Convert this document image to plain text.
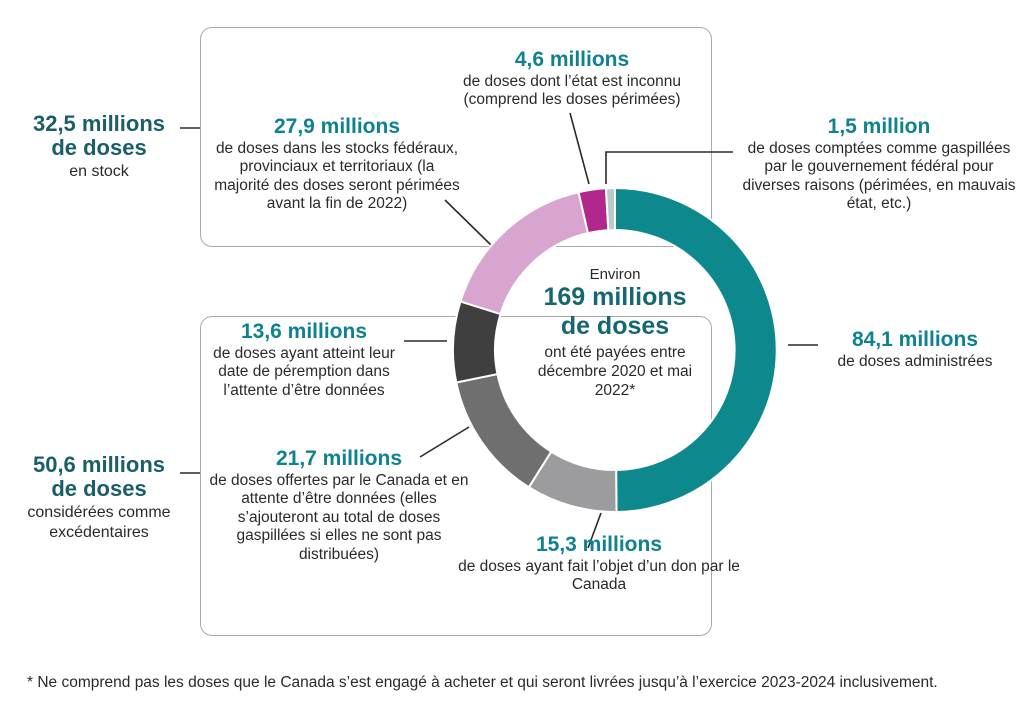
32,5 millions
de doses
en stock
50,6 millions
de doses
considérées comme excédentaires
27,9 millions
de doses dans les stocks fédéraux, provinciaux et territoriaux (la majorité des doses seront périmées avant la fin de 2022)
4,6 millions
de doses dont l’état est inconnu (comprend les doses périmées)
1,5 million
de doses comptées comme gaspillées par le gouvernement fédéral pour diverses raisons (périmées, en mauvais état, etc.)
84,1 millions
de doses administrées
13,6 millions
de doses ayant atteint leur date de péremption dans l’attente d’être données
21,7 millions
de doses offertes par le Canada et en attente d’être données (elles s’ajouteront au total de doses gaspillées si elles ne sont pas distribuées)	15,3 millions
de doses ayant fait l’objet d’un don par le Canada
Environ
169 millions
de doses
ont été payées entre décembre 2020 et mai 2022*
* Ne comprend pas les doses que le Canada s’est engagé à acheter et qui seront livrées jusqu’à l’exercice 2023-2024 inclusivement.
